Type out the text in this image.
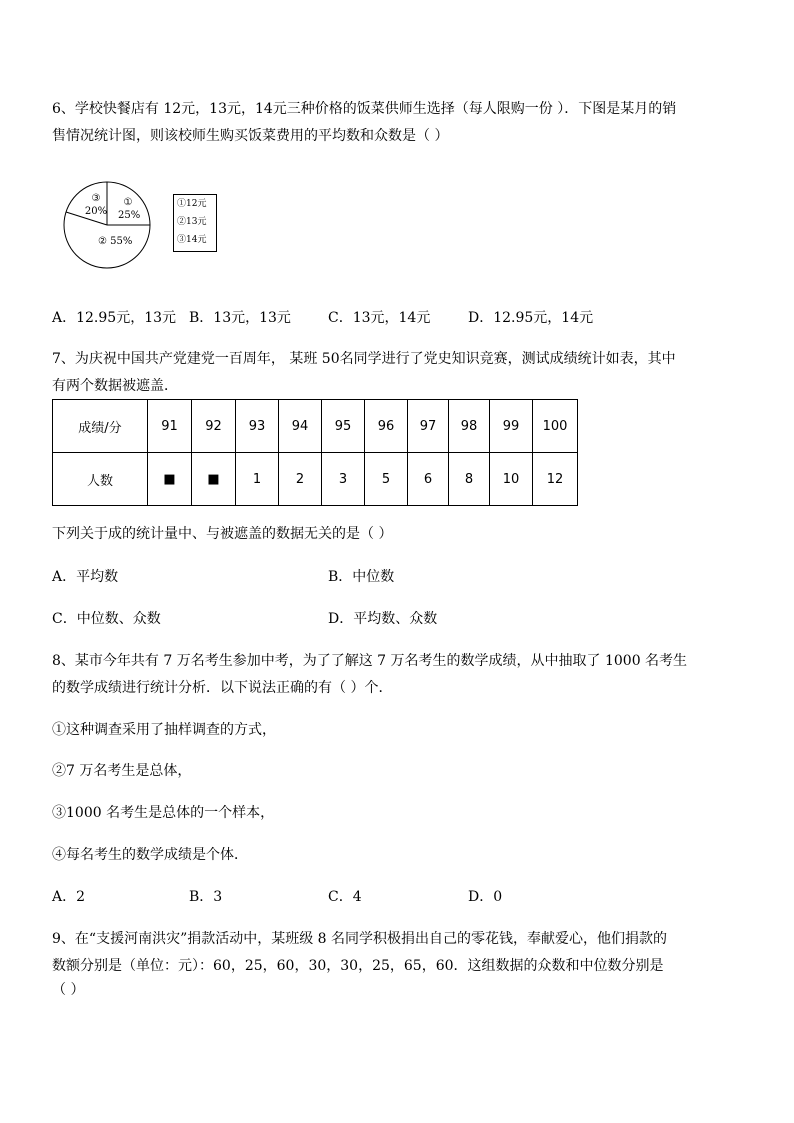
6、学校快餐店有 12元，13元，14元三种价格的饭菜供师生选择（每人限购一份 ）．下图是某月的销
售情况统计图，则该校师生购买饭菜费用的平均数和众数是（ ）
①
25%
③
20%
② 55%
①12元
②13元
③14元
A．12.95元，13元 B．13元，13元	C．13元，14元	D．12.95元，14元
7、为庆祝中国共产党建党一百周年， 某班 50名同学进行了党史知识竞赛，测试成绩统计如表，其中
有两个数据被遮盖．
成绩/分	91	92	93	94	95	96	97	98	99	100
人数	■	■	1	2	3	5	6	8	10	12
下列关于成的统计量中、与被遮盖的数据无关的是（ ）
A．平均数	B．中位数
C．中位数、众数	D．平均数、众数
8、某市今年共有 7 万名考生参加中考，为了了解这 7 万名考生的数学成绩，从中抽取了 1000 名考生
的数学成绩进行统计分析．以下说法正确的有（ ）个．
①这种调查采用了抽样调查的方式，
②7 万名考生是总体，
③1000 名考生是总体的一个样本，
④每名考生的数学成绩是个体．
A．2	B．3	C．4	D．0
9、在“支援河南洪灾”捐款活动中，某班级 8 名同学积极捐出自己的零花钱，奉献爱心，他们捐款的
数额分别是（单位：元）：60，25，60，30，30，25，65，60．这组数据的众数和中位数分别是
（ ）
